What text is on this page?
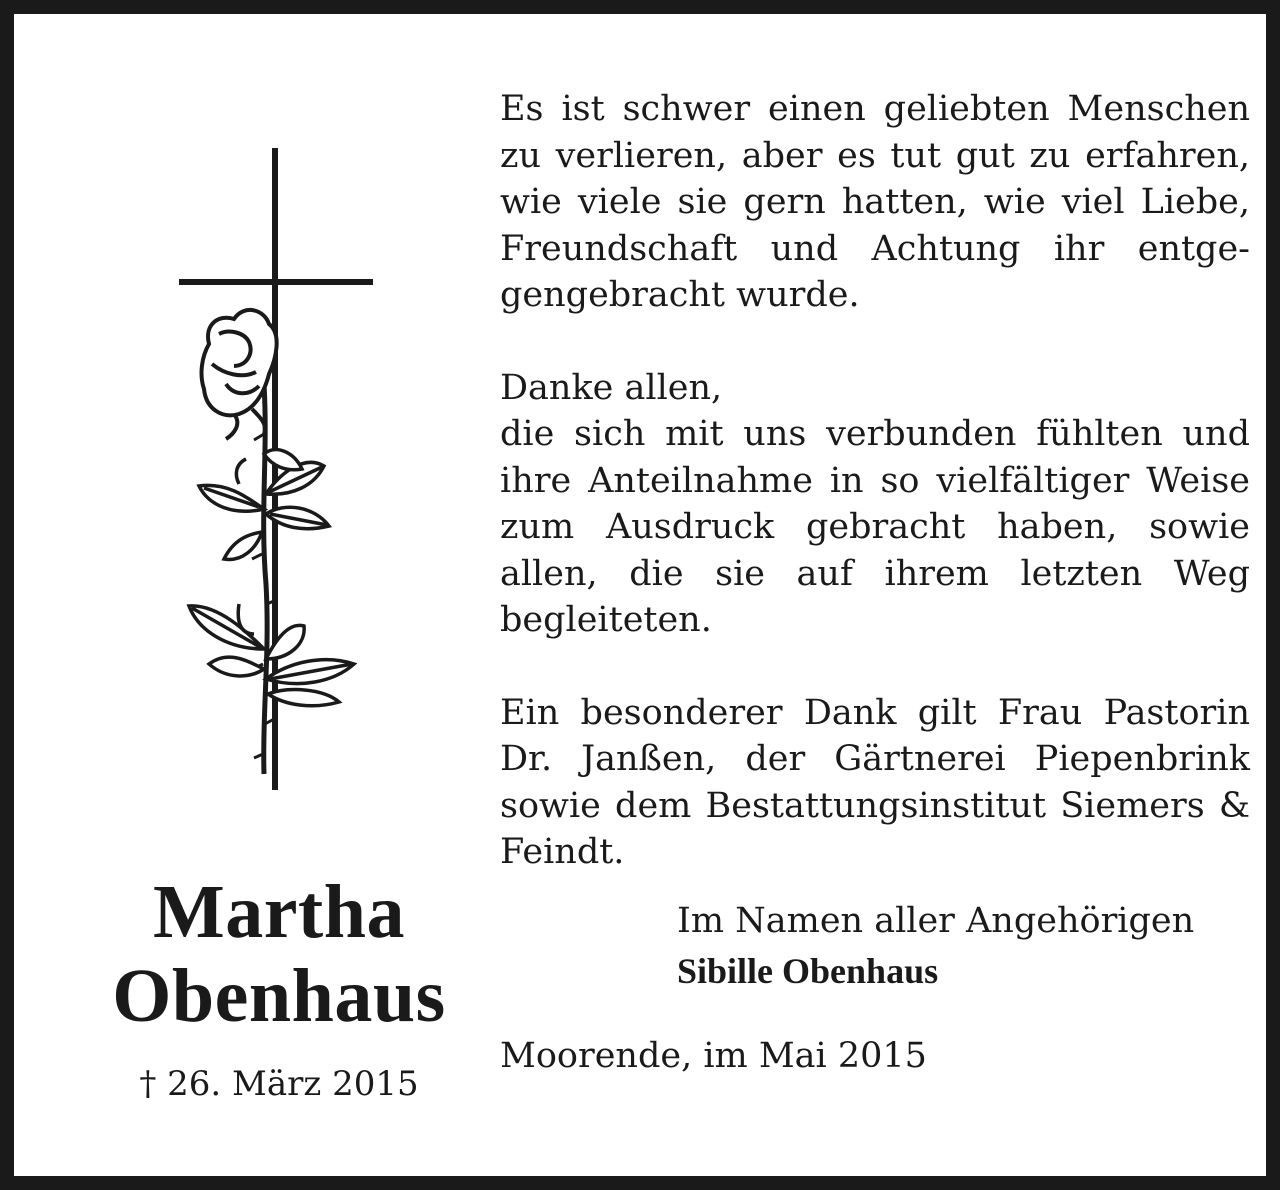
Martha
Obenhaus
† 26. März 2015

Es ist schwer einen geliebten Menschen zu verlieren, aber es tut gut zu erfahren, wie viele sie gern hatten, wie viel Liebe, Freundschaft und Achtung ihr entgegengebracht wurde.

Danke allen,
die sich mit uns verbunden fühlten und ihre Anteilnahme in so vielfältiger Weise zum Ausdruck gebracht haben, sowie allen, die sie auf ihrem letzten Weg begleiteten.

Ein besonderer Dank gilt Frau Pastorin Dr. Janßen, der Gärtnerei Piepenbrink sowie dem Bestattungsinstitut Siemers & Feindt.

Im Namen aller Angehörigen
Sibille Obenhaus
Moorende, im Mai 2015
